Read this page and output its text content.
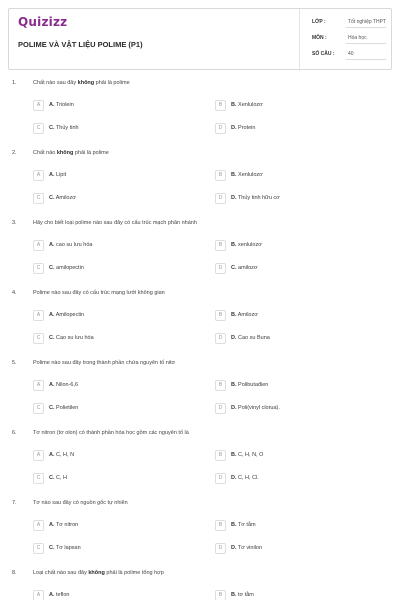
Quizizz
POLIME VÀ VẬT LIỆU POLIME (P1)
LỚP :	Tốt nghiệp THPT
MÔN :	Hóa học
SỐ CÂU :	40
1.	Chất nào sau đây không phải là polime
A	A. Triolein	B	B. Xenlulozơ
C	C. Thủy tinh	D	D. Protein
2.	Chất nào không phải là polime
A	A. Lipit	B	B. Xenlulozơ
C	C. Amilozơ	D	D. Thủy tinh hữu cơ
3.	Hãy cho biết loại polime nào sau đây có cấu trúc mạch phân nhánh
A	A. cao su lưu hóa	B	B. xenlulozơ
C	C. amilopectin	D	C. amilozơ
4.	Polime nào sau đây có cấu trúc mạng lưới không gian
A	A. Amilopectin	B	B. Amilozơ
C	C. Cao su lưu hóa	D	D. Cao su Buna
5.	Polime nào sau đây trong thành phần chứa nguyên tố nitơ
A	A. Nilon-6,6	B	B. Polibutađien
C	C. Polietilen	D	D. Poli(vinyl clorua).
6.	Tơ nitron (tơ olon) có thành phần hóa học gồm các nguyên tố là
A	A. C, H, N	B	B. C, H, N, O
C	C. C, H	D	D. C, H, Cl.
7.	Tơ nào sau đây có nguồn gốc tự nhiên
A	A. Tơ nitron	B	B. Tơ tằm
C	C. Tơ lapsan	D	D. Tơ vinilon
8.	Loại chất nào sau đây không phải là polime tổng hợp
A	A. teflon	B	B. tơ tằm
